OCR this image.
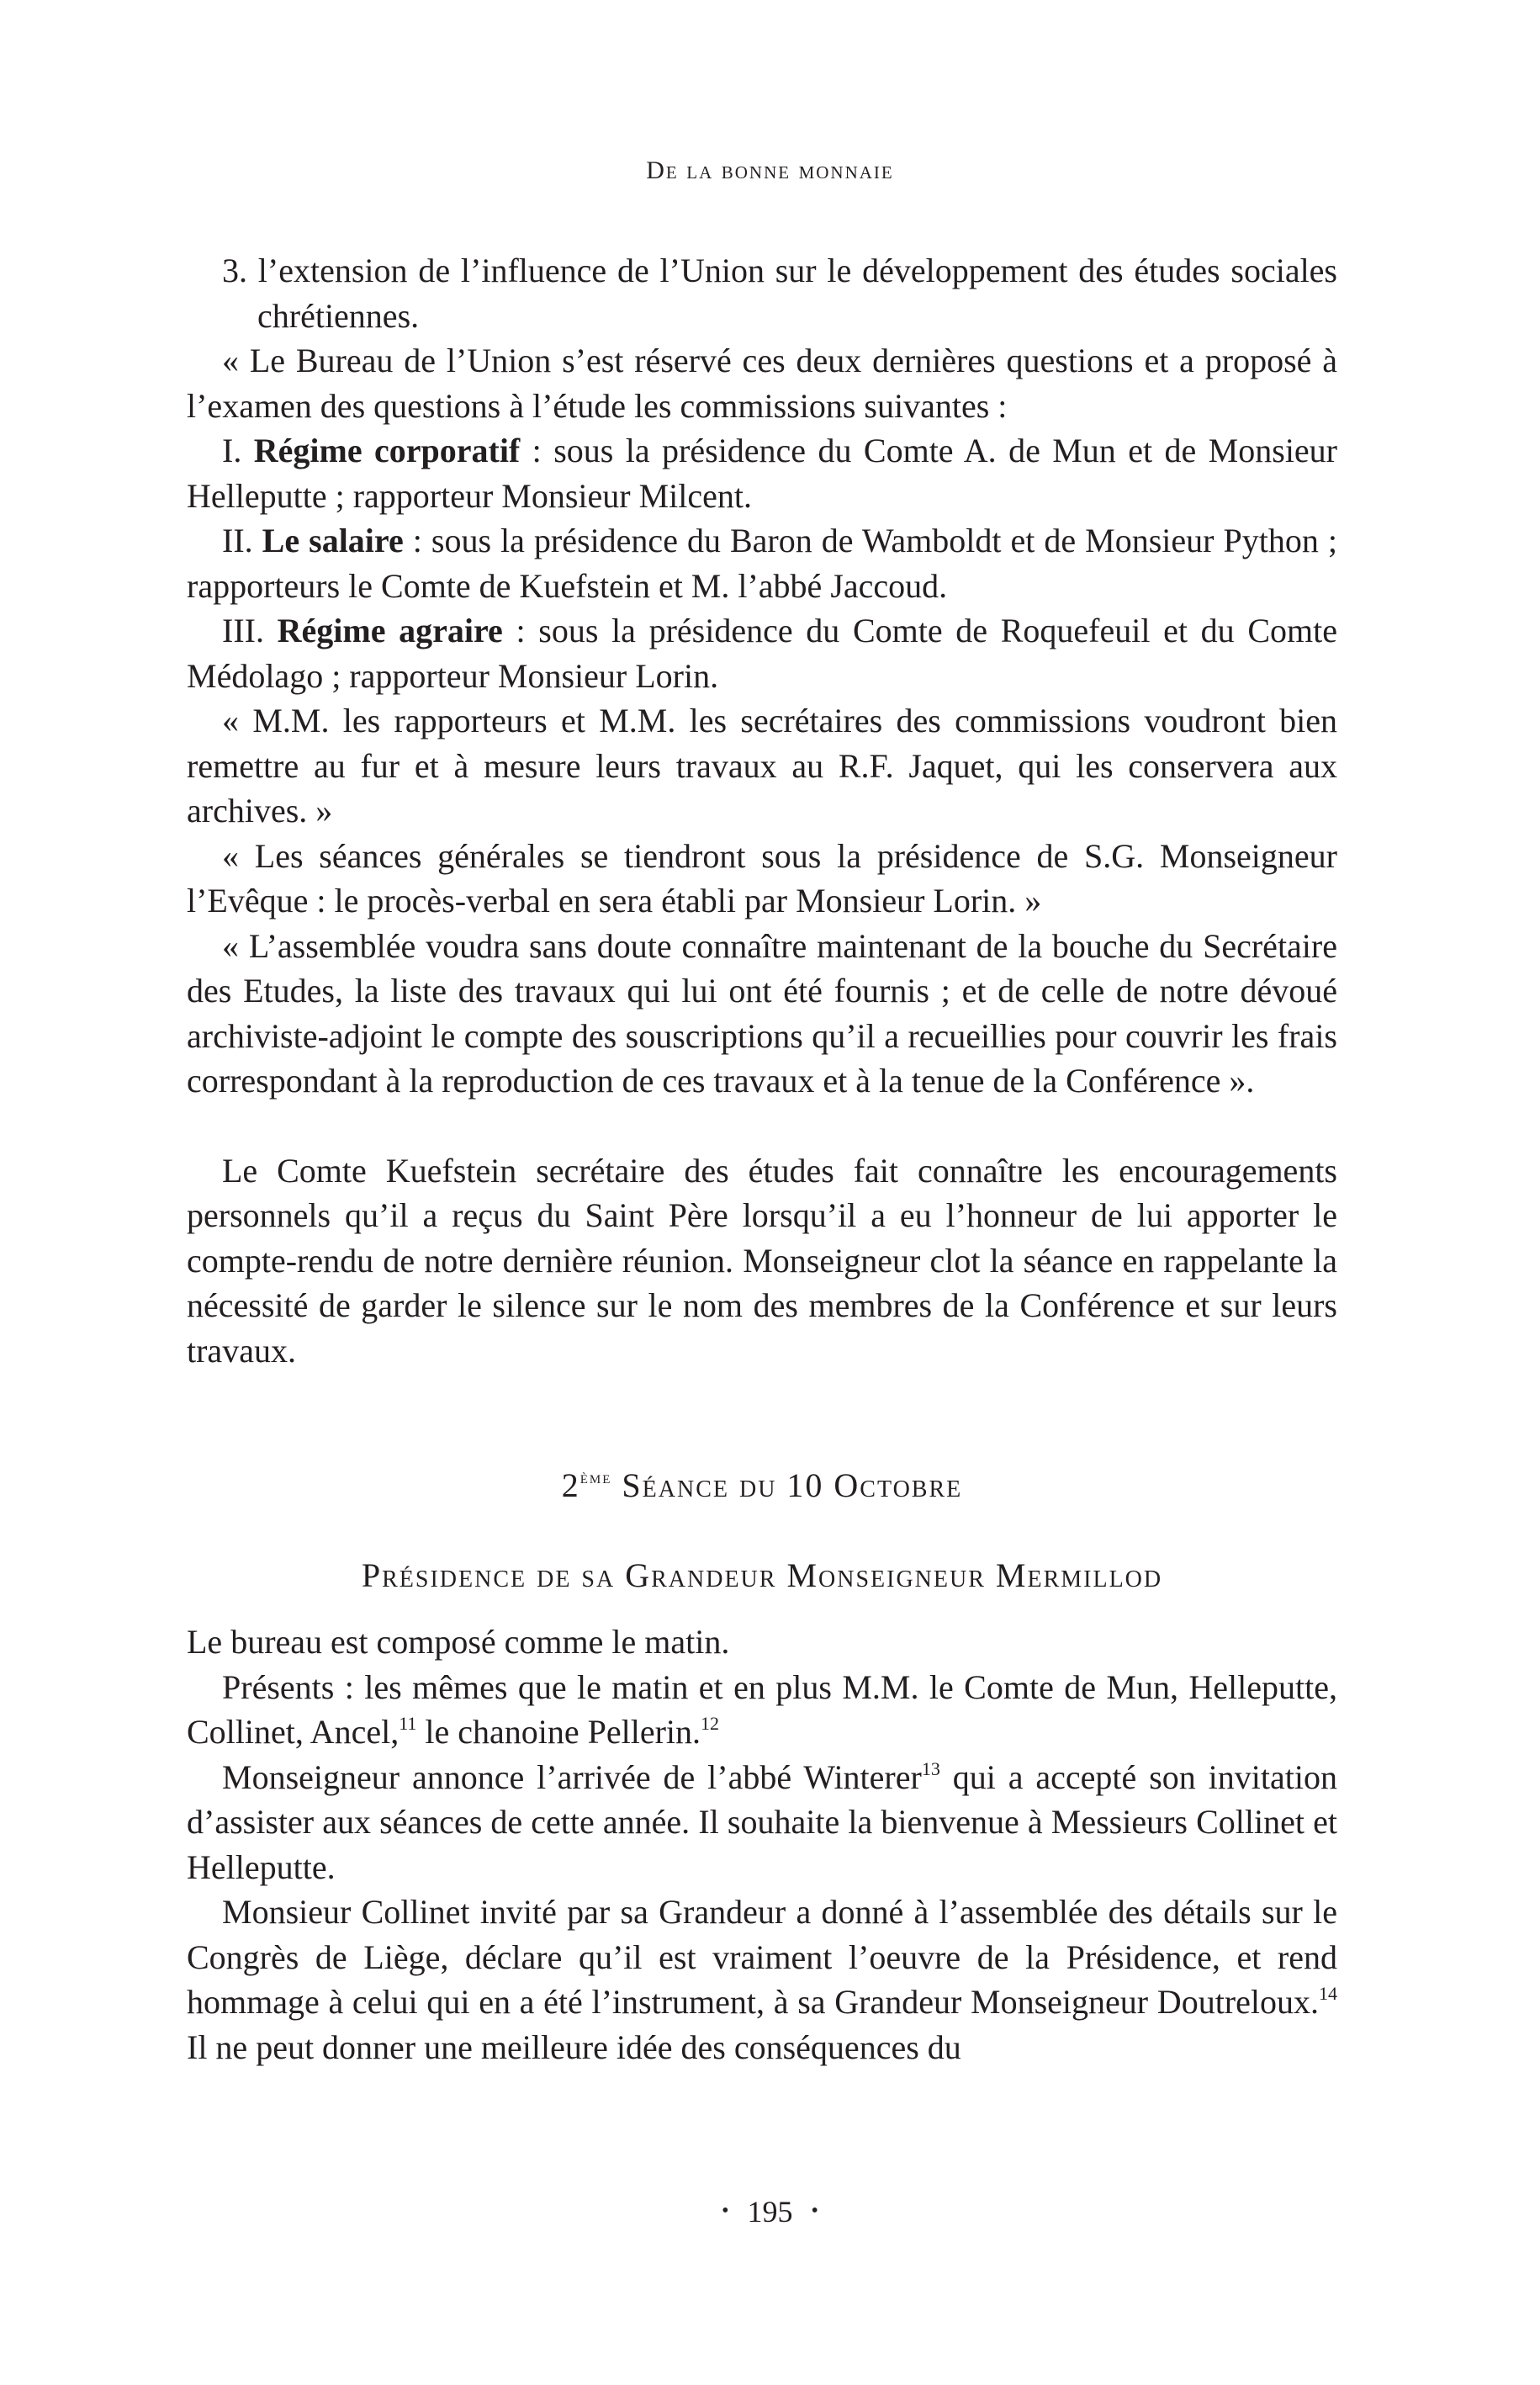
De la bonne monnaie

3. l’extension de l’influence de l’Union sur le développement des études sociales chrétiennes.

« Le Bureau de l’Union s’est réservé ces deux dernières questions et a proposé à l’examen des questions à l’étude les commissions suivantes :

I. Régime corporatif : sous la présidence du Comte A. de Mun et de Monsieur Helleputte ; rapporteur Monsieur Milcent.

II. Le salaire : sous la présidence du Baron de Wamboldt et de Monsieur Python ; rapporteurs le Comte de Kuefstein et M. l’abbé Jaccoud.

III. Régime agraire : sous la présidence du Comte de Roquefeuil et du Comte Médolago ; rapporteur Monsieur Lorin.

« M.M. les rapporteurs et M.M. les secrétaires des commissions voudront bien remettre au fur et à mesure leurs travaux au R.F. Jaquet, qui les conservera aux archives. »

« Les séances générales se tiendront sous la présidence de S.G. Monseigneur l’Evêque : le procès-verbal en sera établi par Monsieur Lorin. »

« L’assemblée voudra sans doute connaître maintenant de la bouche du Secrétaire des Etudes, la liste des travaux qui lui ont été fournis ; et de celle de notre dévoué archiviste-adjoint le compte des souscriptions qu’il a recueillies pour couvrir les frais correspondant à la reproduction de ces travaux et à la tenue de la Conférence ».

Le Comte Kuefstein secrétaire des études fait connaître les encouragements personnels qu’il a reçus du Saint Père lorsqu’il a eu l’honneur de lui apporter le compte-rendu de notre dernière réunion. Monseigneur clot la séance en rappelante la nécessité de garder le silence sur le nom des membres de la Conférence et sur leurs travaux.

2ème Séance du 10 Octobre

Présidence de sa Grandeur Monseigneur Mermillod

Le bureau est composé comme le matin.

Présents : les mêmes que le matin et en plus M.M. le Comte de Mun, Helleputte, Collinet, Ancel,$^{11}$ le chanoine Pellerin.$^{12}$

Monseigneur annonce l’arrivée de l’abbé Winterer$^{13}$ qui a accepté son invitation d’assister aux séances de cette année. Il souhaite la bienvenue à Messieurs Collinet et Helleputte.

Monsieur Collinet invité par sa Grandeur a donné à l’assemblée des détails sur le Congrès de Liège, déclare qu’il est vraiment l’oeuvre de la Présidence, et rend hommage à celui qui en a été l’instrument, à sa Grandeur Monseigneur Doutreloux.$^{14}$ Il ne peut donner une meilleure idée des conséquences du

• 195 •
